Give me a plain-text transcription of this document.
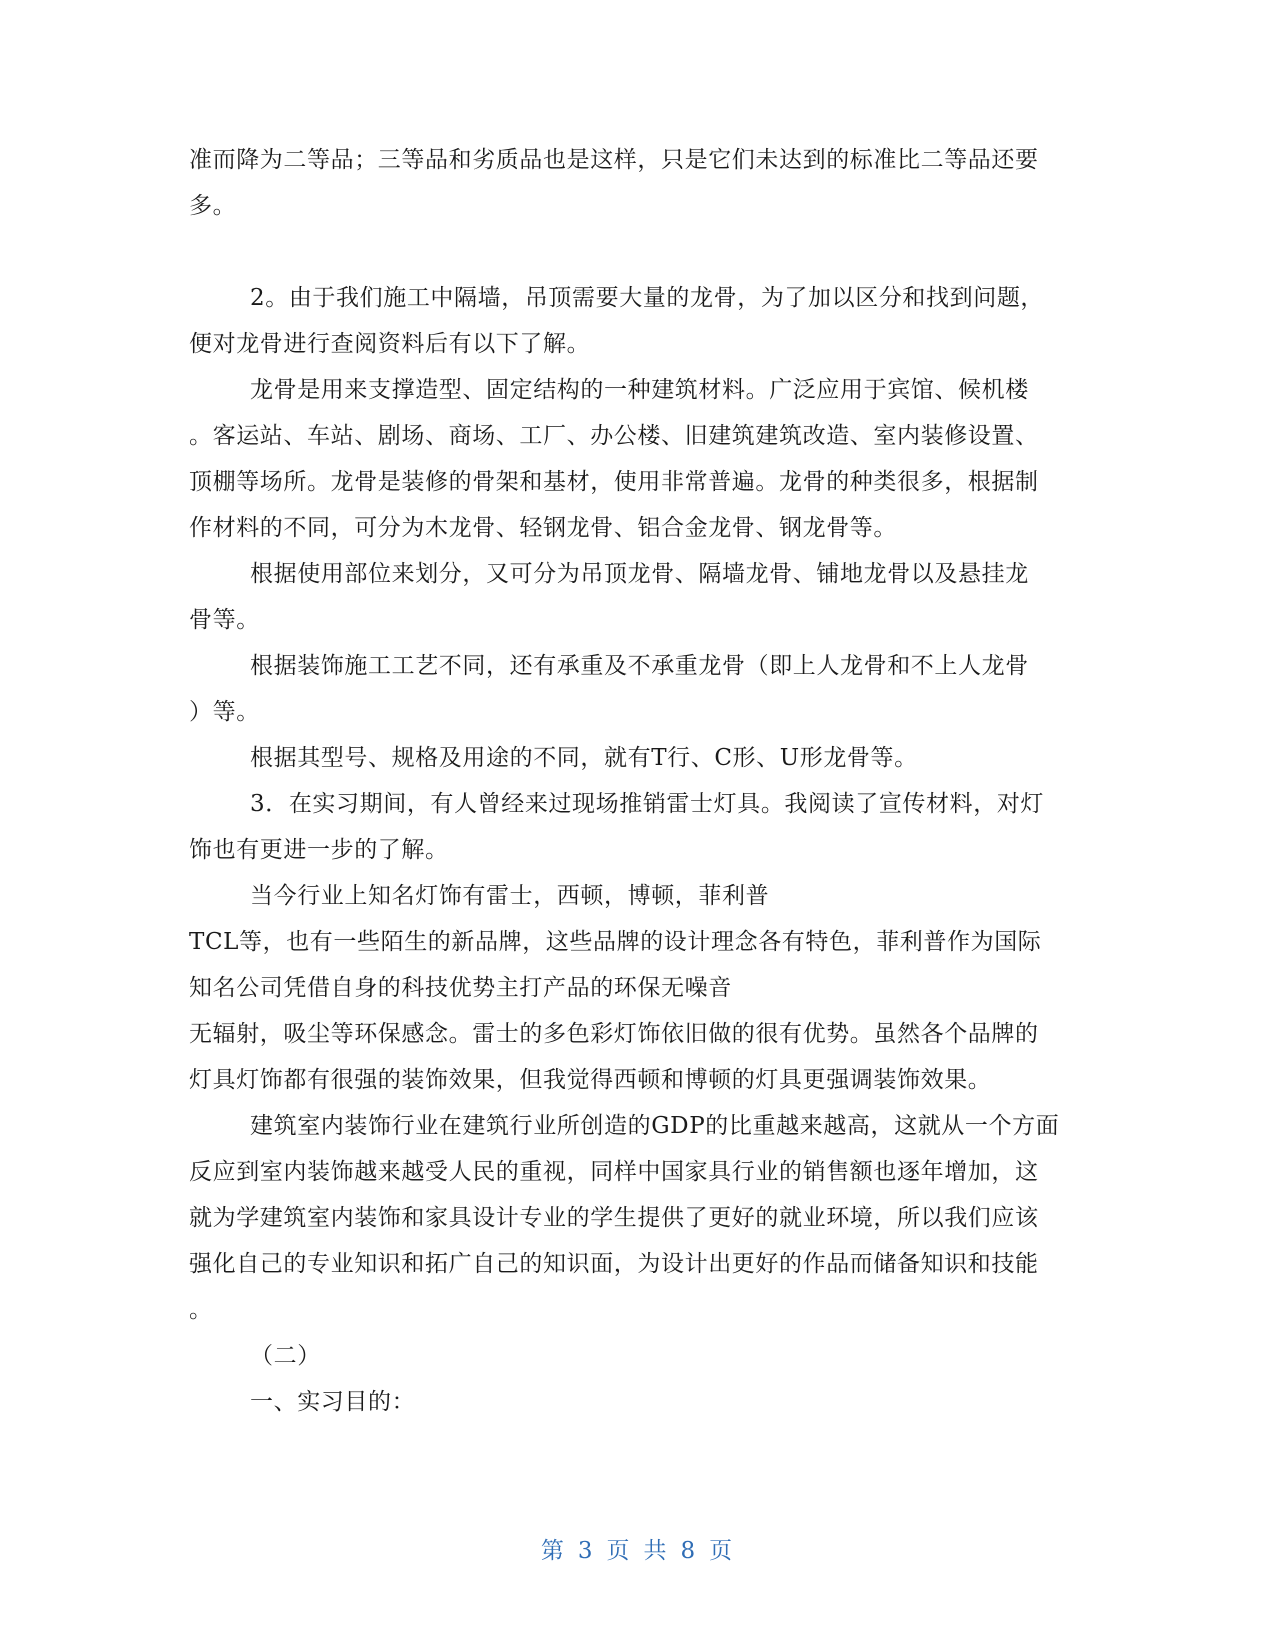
准而降为二等品；三等品和劣质品也是这样，只是它们未达到的标准比二等品还要
多。
2。由于我们施工中隔墙，吊顶需要大量的龙骨，为了加以区分和找到问题，
便对龙骨进行查阅资料后有以下了解。
龙骨是用来支撑造型、固定结构的一种建筑材料。广泛应用于宾馆、候机楼
。客运站、车站、剧场、商场、工厂、办公楼、旧建筑建筑改造、室内装修设置、
顶棚等场所。龙骨是装修的骨架和基材，使用非常普遍。龙骨的种类很多，根据制
作材料的不同，可分为木龙骨、轻钢龙骨、铝合金龙骨、钢龙骨等。
根据使用部位来划分，又可分为吊顶龙骨、隔墙龙骨、铺地龙骨以及悬挂龙
骨等。
根据装饰施工工艺不同，还有承重及不承重龙骨（即上人龙骨和不上人龙骨
）等。
根据其型号、规格及用途的不同，就有T行、C形、U形龙骨等。
3．在实习期间，有人曾经来过现场推销雷士灯具。我阅读了宣传材料，对灯
饰也有更进一步的了解。
当今行业上知名灯饰有雷士，西顿，博顿，菲利普
TCL等，也有一些陌生的新品牌，这些品牌的设计理念各有特色，菲利普作为国际
知名公司凭借自身的科技优势主打产品的环保无噪音
无辐射，吸尘等环保感念。雷士的多色彩灯饰依旧做的很有优势。虽然各个品牌的
灯具灯饰都有很强的装饰效果，但我觉得西顿和博顿的灯具更强调装饰效果。
建筑室内装饰行业在建筑行业所创造的GDP的比重越来越高，这就从一个方面
反应到室内装饰越来越受人民的重视，同样中国家具行业的销售额也逐年增加，这
就为学建筑室内装饰和家具设计专业的学生提供了更好的就业环境，所以我们应该
强化自己的专业知识和拓广自己的知识面，为设计出更好的作品而储备知识和技能
。
（二）
一、实习目的：
第 3 页 共 8 页
